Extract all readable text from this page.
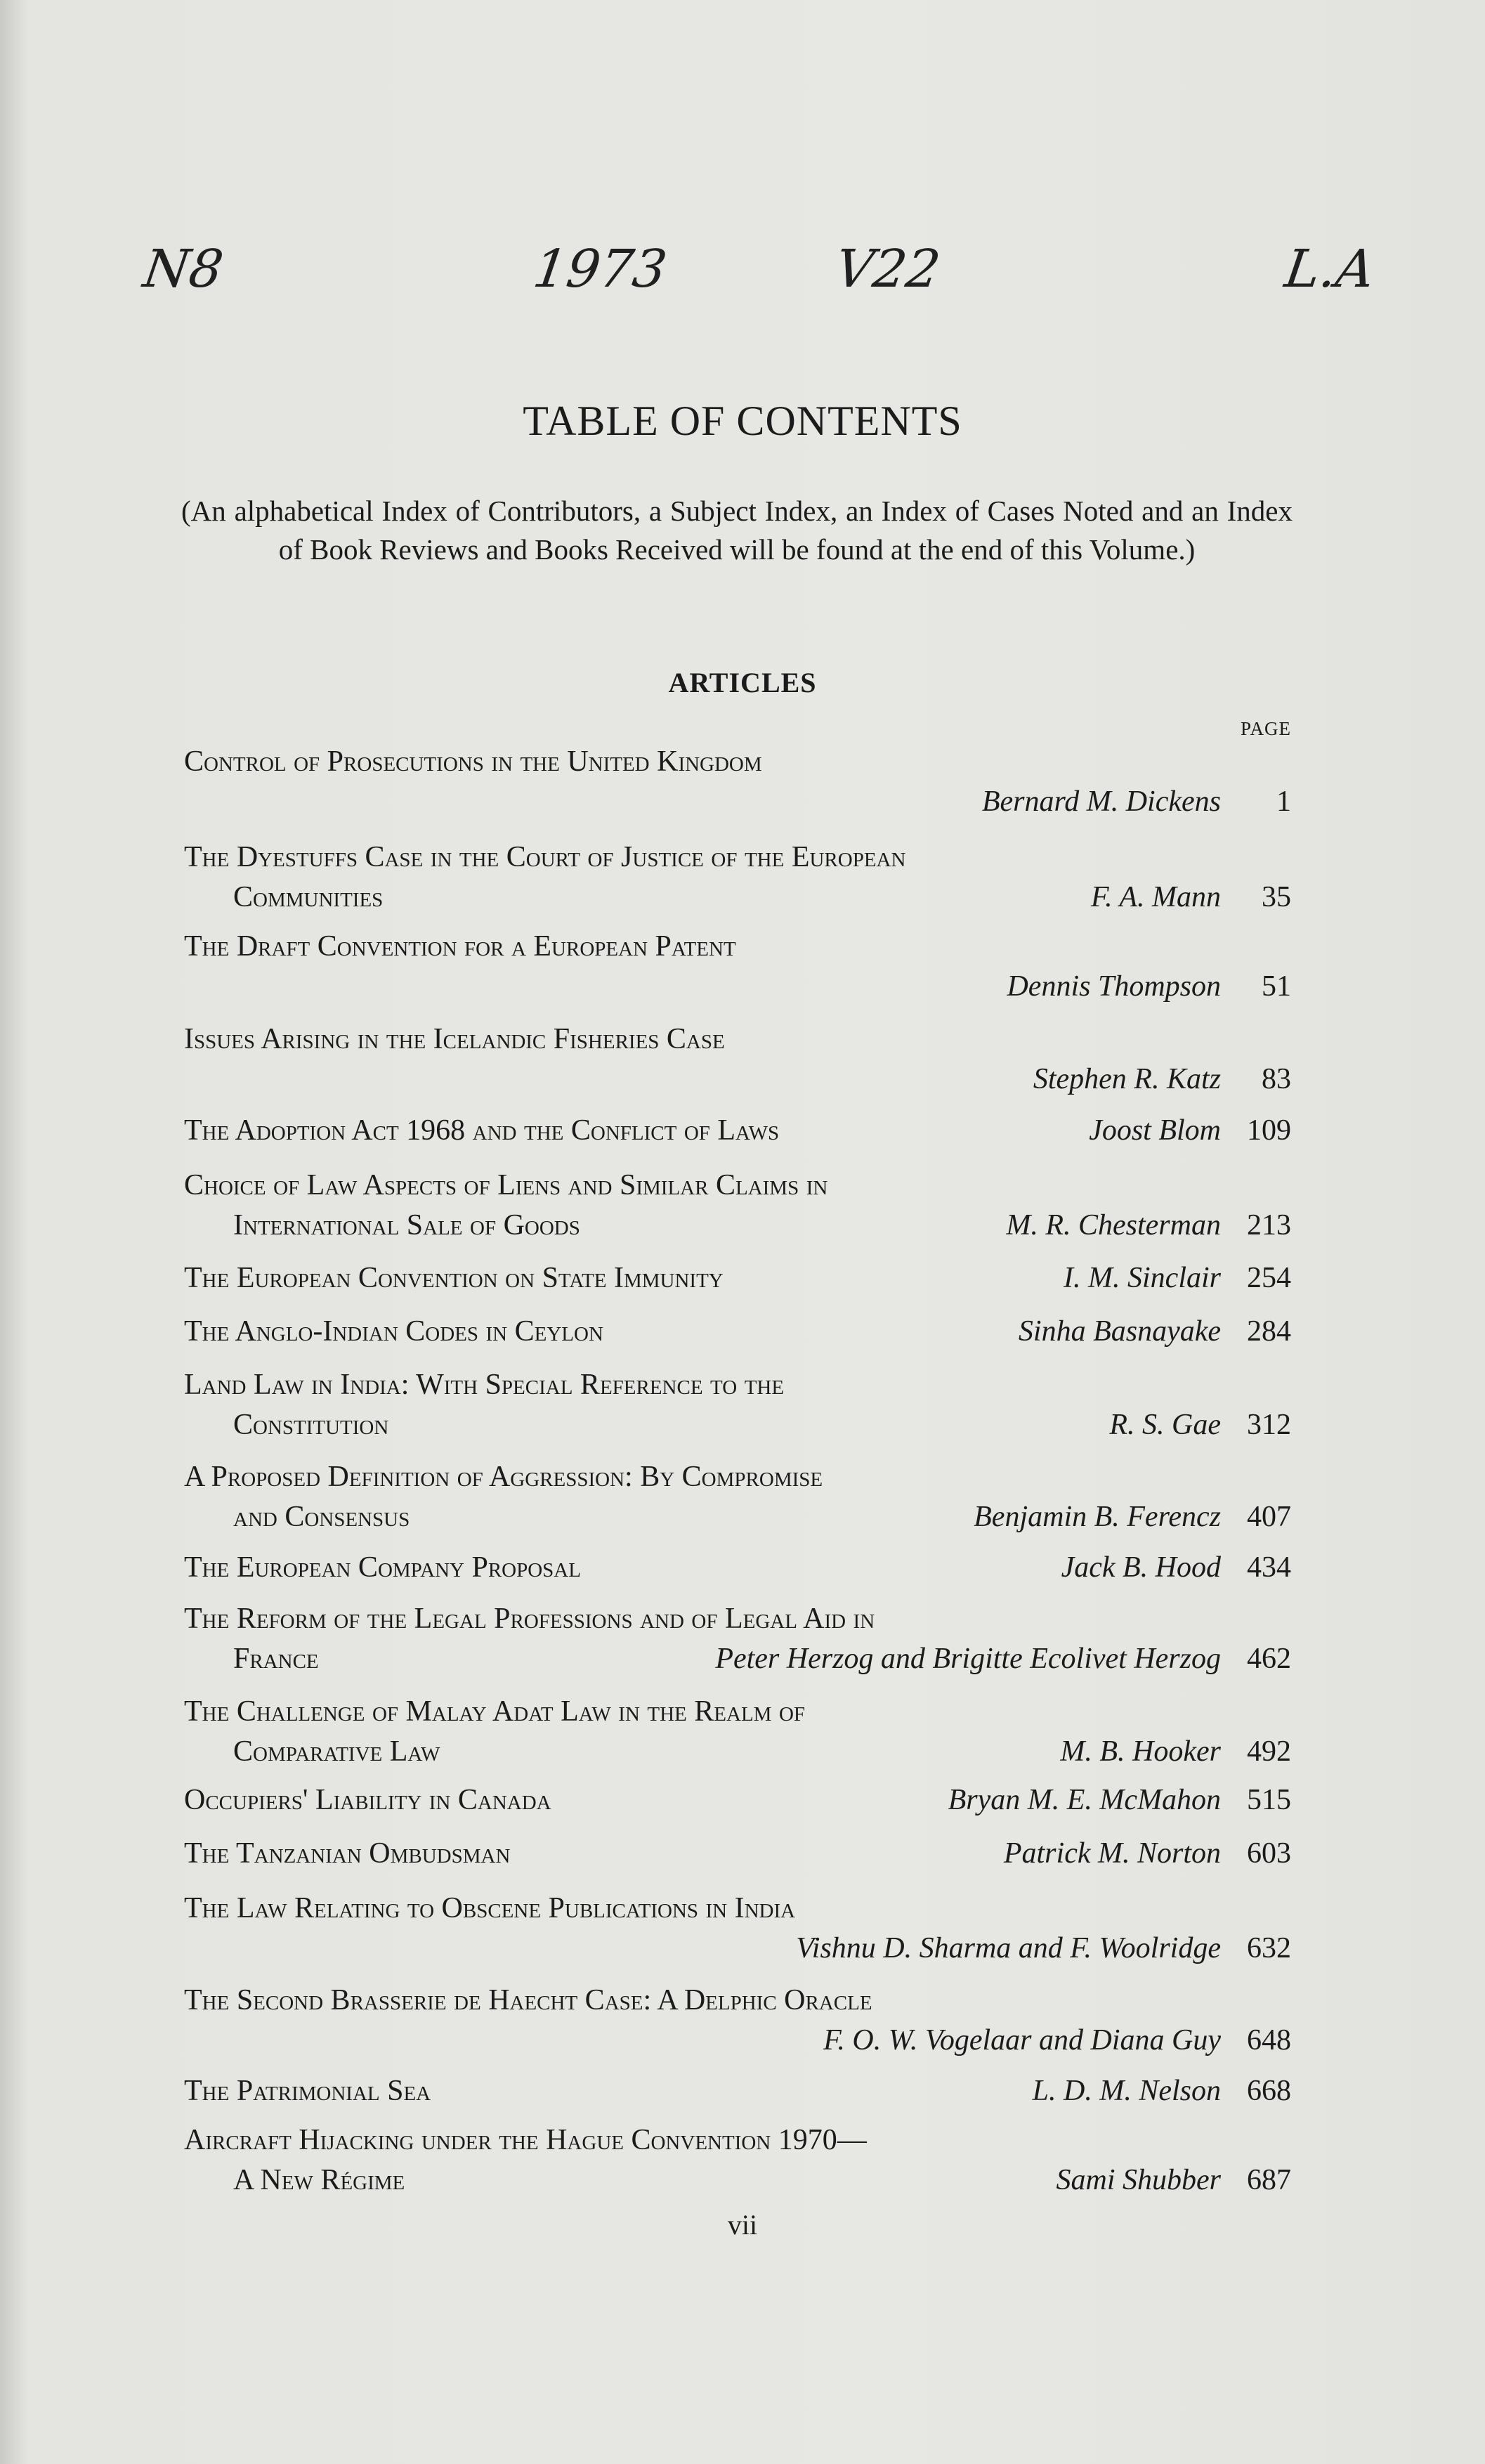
N8	1973	V22	L.A
TABLE OF CONTENTS
(An alphabetical Index of Contributors, a Subject Index, an Index of Cases Noted and an Index of Book Reviews and Books Received will be found at the end of this Volume.)
ARTICLES
PAGE
Control of Prosecutions in the United Kingdom
Bernard M. Dickens 1
The Dyestuffs Case in the Court of Justice of the European
Communities	F. A. Mann 35
The Draft Convention for a European Patent
Dennis Thompson 51
Issues Arising in the Icelandic Fisheries Case
Stephen R. Katz 83
The Adoption Act 1968 and the Conflict of Laws	Joost Blom 109
Choice of Law Aspects of Liens and Similar Claims in
International Sale of Goods	M. R. Chesterman 213
The European Convention on State Immunity	I. M. Sinclair 254
The Anglo-Indian Codes in Ceylon	Sinha Basnayake 284
Land Law in India: With Special Reference to the
Constitution	R. S. Gae 312
A Proposed Definition of Aggression: By Compromise
and Consensus	Benjamin B. Ferencz 407
The European Company Proposal	Jack B. Hood 434
The Reform of the Legal Professions and of Legal Aid in
France	Peter Herzog and Brigitte Ecolivet Herzog 462
The Challenge of Malay Adat Law in the Realm of
Comparative Law	M. B. Hooker 492
Occupiers' Liability in Canada	Bryan M. E. McMahon 515
The Tanzanian Ombudsman	Patrick M. Norton 603
The Law Relating to Obscene Publications in India
Vishnu D. Sharma and F. Woolridge 632
The Second Brasserie de Haecht Case: A Delphic Oracle
F. O. W. Vogelaar and Diana Guy 648
The Patrimonial Sea	L. D. M. Nelson 668
Aircraft Hijacking under the Hague Convention 1970—
A New Régime	Sami Shubber 687
vii
